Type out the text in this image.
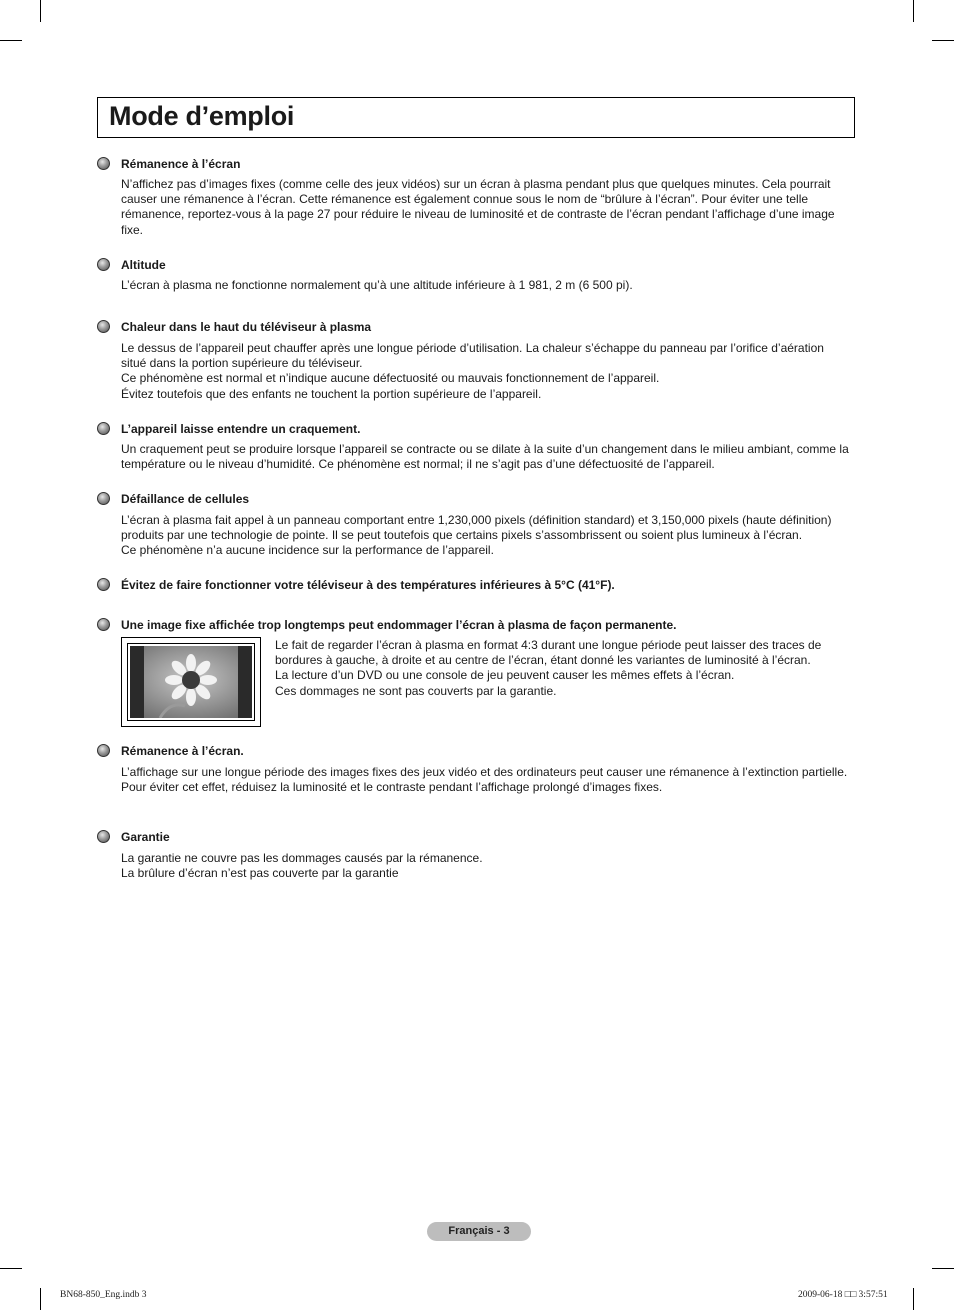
Mode d’emploi
Rémanence à l’écran

N’affichez pas d’images fixes (comme celle des jeux vidéos) sur un écran à plasma pendant plus que quelques minutes. Cela pourrait causer une rémanence à l’écran. Cette rémanence est également connue sous le nom de “brûlure à l’écran”. Pour éviter une telle rémanence, reportez-vous à la page 27 pour réduire le niveau de luminosité et de contraste de l’écran pendant l’affichage d’une image fixe.

Altitude

L’écran à plasma ne fonctionne normalement qu’à une altitude inférieure à 1 981, 2 m (6 500 pi).

Chaleur dans le haut du téléviseur à plasma

Le dessus de l’appareil peut chauffer après une longue période d’utilisation. La chaleur s’échappe du panneau par l’orifice d’aération situé dans la portion supérieure du téléviseur.

Ce phénomène est normal et n’indique aucune défectuosité ou mauvais fonctionnement de l’appareil.

Évitez toutefois que des enfants ne touchent la portion supérieure de l’appareil.

L’appareil laisse entendre un craquement.

Un craquement peut se produire lorsque l’appareil se contracte ou se dilate à la suite d’un changement dans le milieu ambiant, comme la température ou le niveau d’humidité. Ce phénomène est normal; il ne s’agit pas d’une défectuosité de l’appareil.

Défaillance de cellules

L’écran à plasma fait appel à un panneau comportant entre 1,230,000 pixels (définition standard) et 3,150,000 pixels (haute définition) produits par une technologie de pointe. Il se peut toutefois que certains pixels s’assombrissent ou soient plus lumineux à l’écran.

Ce phénomène n’a aucune incidence sur la performance de l’appareil.

Évitez de faire fonctionner votre téléviseur à des températures inférieures à 5°C (41°F).
Une image fixe affichée trop longtemps peut endommager l’écran à plasma de façon permanente.

Le fait de regarder l’écran à plasma en format 4:3 durant une longue période peut laisser des traces de bordures à gauche, à droite et au centre de l’écran, étant donné les variantes de luminosité à l’écran.

La lecture d’un DVD ou une console de jeu peuvent causer les mêmes effets à l’écran.

Ces dommages ne sont pas couverts par la garantie.

Rémanence à l’écran.

L’affichage sur une longue période des images fixes des jeux vidéo et des ordinateurs peut causer une rémanence à l’extinction partielle.

Pour éviter cet effet, réduisez la luminosité et le contraste pendant l’affichage prolongé d’images fixes.

Garantie

La garantie ne couvre pas les dommages causés par la rémanence.

La brûlure d’écran n’est pas couverte par la garantie

Français - 3
BN68-850_Eng.indb 3	2009-06-18 □□ 3:57:51
